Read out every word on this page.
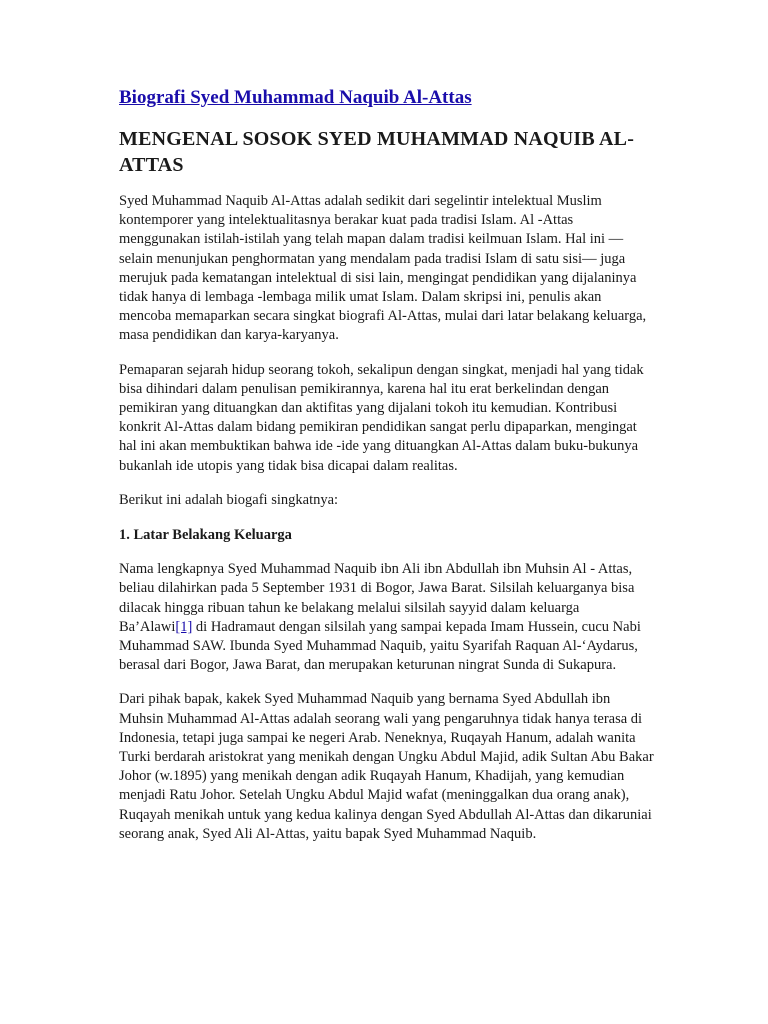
Biografi Syed Muhammad Naquib Al-Attas
MENGENAL SOSOK SYED MUHAMMAD NAQUIB AL-ATTAS

Syed Muhammad Naquib Al-Attas adalah sedikit dari segelintir intelektual Muslim kontemporer yang intelektualitasnya berakar kuat pada tradisi Islam. Al -Attas menggunakan istilah-istilah yang telah mapan dalam tradisi keilmuan Islam. Hal ini —selain menunjukan penghormatan yang mendalam pada tradisi Islam di satu sisi— juga merujuk pada kematangan intelektual di sisi lain, mengingat pendidikan yang dijalaninya tidak hanya di lembaga -lembaga milik umat Islam. Dalam skripsi ini, penulis akan mencoba memaparkan secara singkat biografi Al-Attas, mulai dari latar belakang keluarga, masa pendidikan dan karya-karyanya.

Pemaparan sejarah hidup seorang tokoh, sekalipun dengan singkat, menjadi hal yang tidak bisa dihindari dalam penulisan pemikirannya, karena hal itu erat berkelindan dengan pemikiran yang dituangkan dan aktifitas yang dijalani tokoh itu kemudian. Kontribusi konkrit Al-Attas dalam bidang pemikiran pendidikan sangat perlu dipaparkan, mengingat hal ini akan membuktikan bahwa ide -ide yang dituangkan Al-Attas dalam buku-bukunya bukanlah ide utopis yang tidak bisa dicapai dalam realitas.

Berikut ini adalah biogafi singkatnya:

1. Latar Belakang Keluarga

Nama lengkapnya Syed Muhammad Naquib ibn Ali ibn Abdullah ibn Muhsin Al - Attas, beliau dilahirkan pada 5 September 1931 di Bogor, Jawa Barat. Silsilah keluarganya bisa dilacak hingga ribuan tahun ke belakang melalui silsilah sayyid dalam keluarga Ba’Alawi[1] di Hadramaut dengan silsilah yang sampai kepada Imam Hussein, cucu Nabi Muhammad SAW. Ibunda Syed Muhammad Naquib, yaitu Syarifah Raquan Al-‘Aydarus, berasal dari Bogor, Jawa Barat, dan merupakan keturunan ningrat Sunda di Sukapura.

Dari pihak bapak, kakek Syed Muhammad Naquib yang bernama Syed Abdullah ibn Muhsin Muhammad Al-Attas adalah seorang wali yang pengaruhnya tidak hanya terasa di Indonesia, tetapi juga sampai ke negeri Arab. Neneknya, Ruqayah Hanum, adalah wanita Turki berdarah aristokrat yang menikah dengan Ungku Abdul Majid, adik Sultan Abu Bakar Johor (w.1895) yang menikah dengan adik Ruqayah Hanum, Khadijah, yang kemudian menjadi Ratu Johor. Setelah Ungku Abdul Majid wafat (meninggalkan dua orang anak), Ruqayah menikah untuk yang kedua kalinya dengan Syed Abdullah Al-Attas dan dikaruniai seorang anak, Syed Ali Al-Attas, yaitu bapak Syed Muhammad Naquib.
